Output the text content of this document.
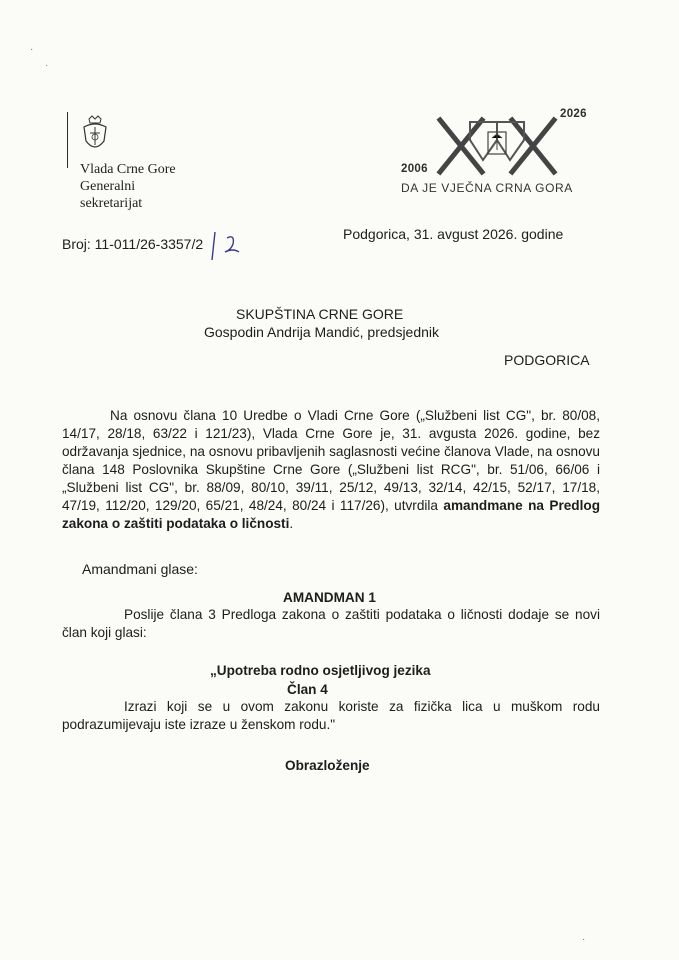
·
·
Vlada Crne Gore
Generalni
sekretarijat
2026
2006
DA JE VJEČNA CRNA GORA
Broj: 11-011/26-3357/2
Podgorica, 31. avgust 2026. godine
SKUPŠTINA CRNE GORE
Gospodin Andrija Mandić, predsjednik
PODGORICA
Na osnovu člana 10 Uredbe o Vladi Crne Gore („Službeni list CG", br. 80/08, 14/17, 28/18, 63/22 i 121/23), Vlada Crne Gore je, 31. avgusta 2026. godine, bez održavanja sjednice, na osnovu pribavljenih saglasnosti većine članova Vlade, na osnovu člana 148 Poslovnika Skupštine Crne Gore („Službeni list RCG", br. 51/06, 66/06 i „Službeni list CG", br. 88/09, 80/10, 39/11, 25/12, 49/13, 32/14, 42/15, 52/17, 17/18, 47/19, 112/20, 129/20, 65/21, 48/24, 80/24 i 117/26), utvrdila amandmane na Predlog zakona o zaštiti podataka o ličnosti.
Amandmani glase:
AMANDMAN 1
Poslije člana 3 Predloga zakona o zaštiti podataka o ličnosti dodaje se novi član koji glasi:
„Upotreba rodno osjetljivog jezika
Član 4
Izrazi koji se u ovom zakonu koriste za fizička lica u muškom rodu podrazumijevaju iste izraze u ženskom rodu."
Obrazloženje
·
